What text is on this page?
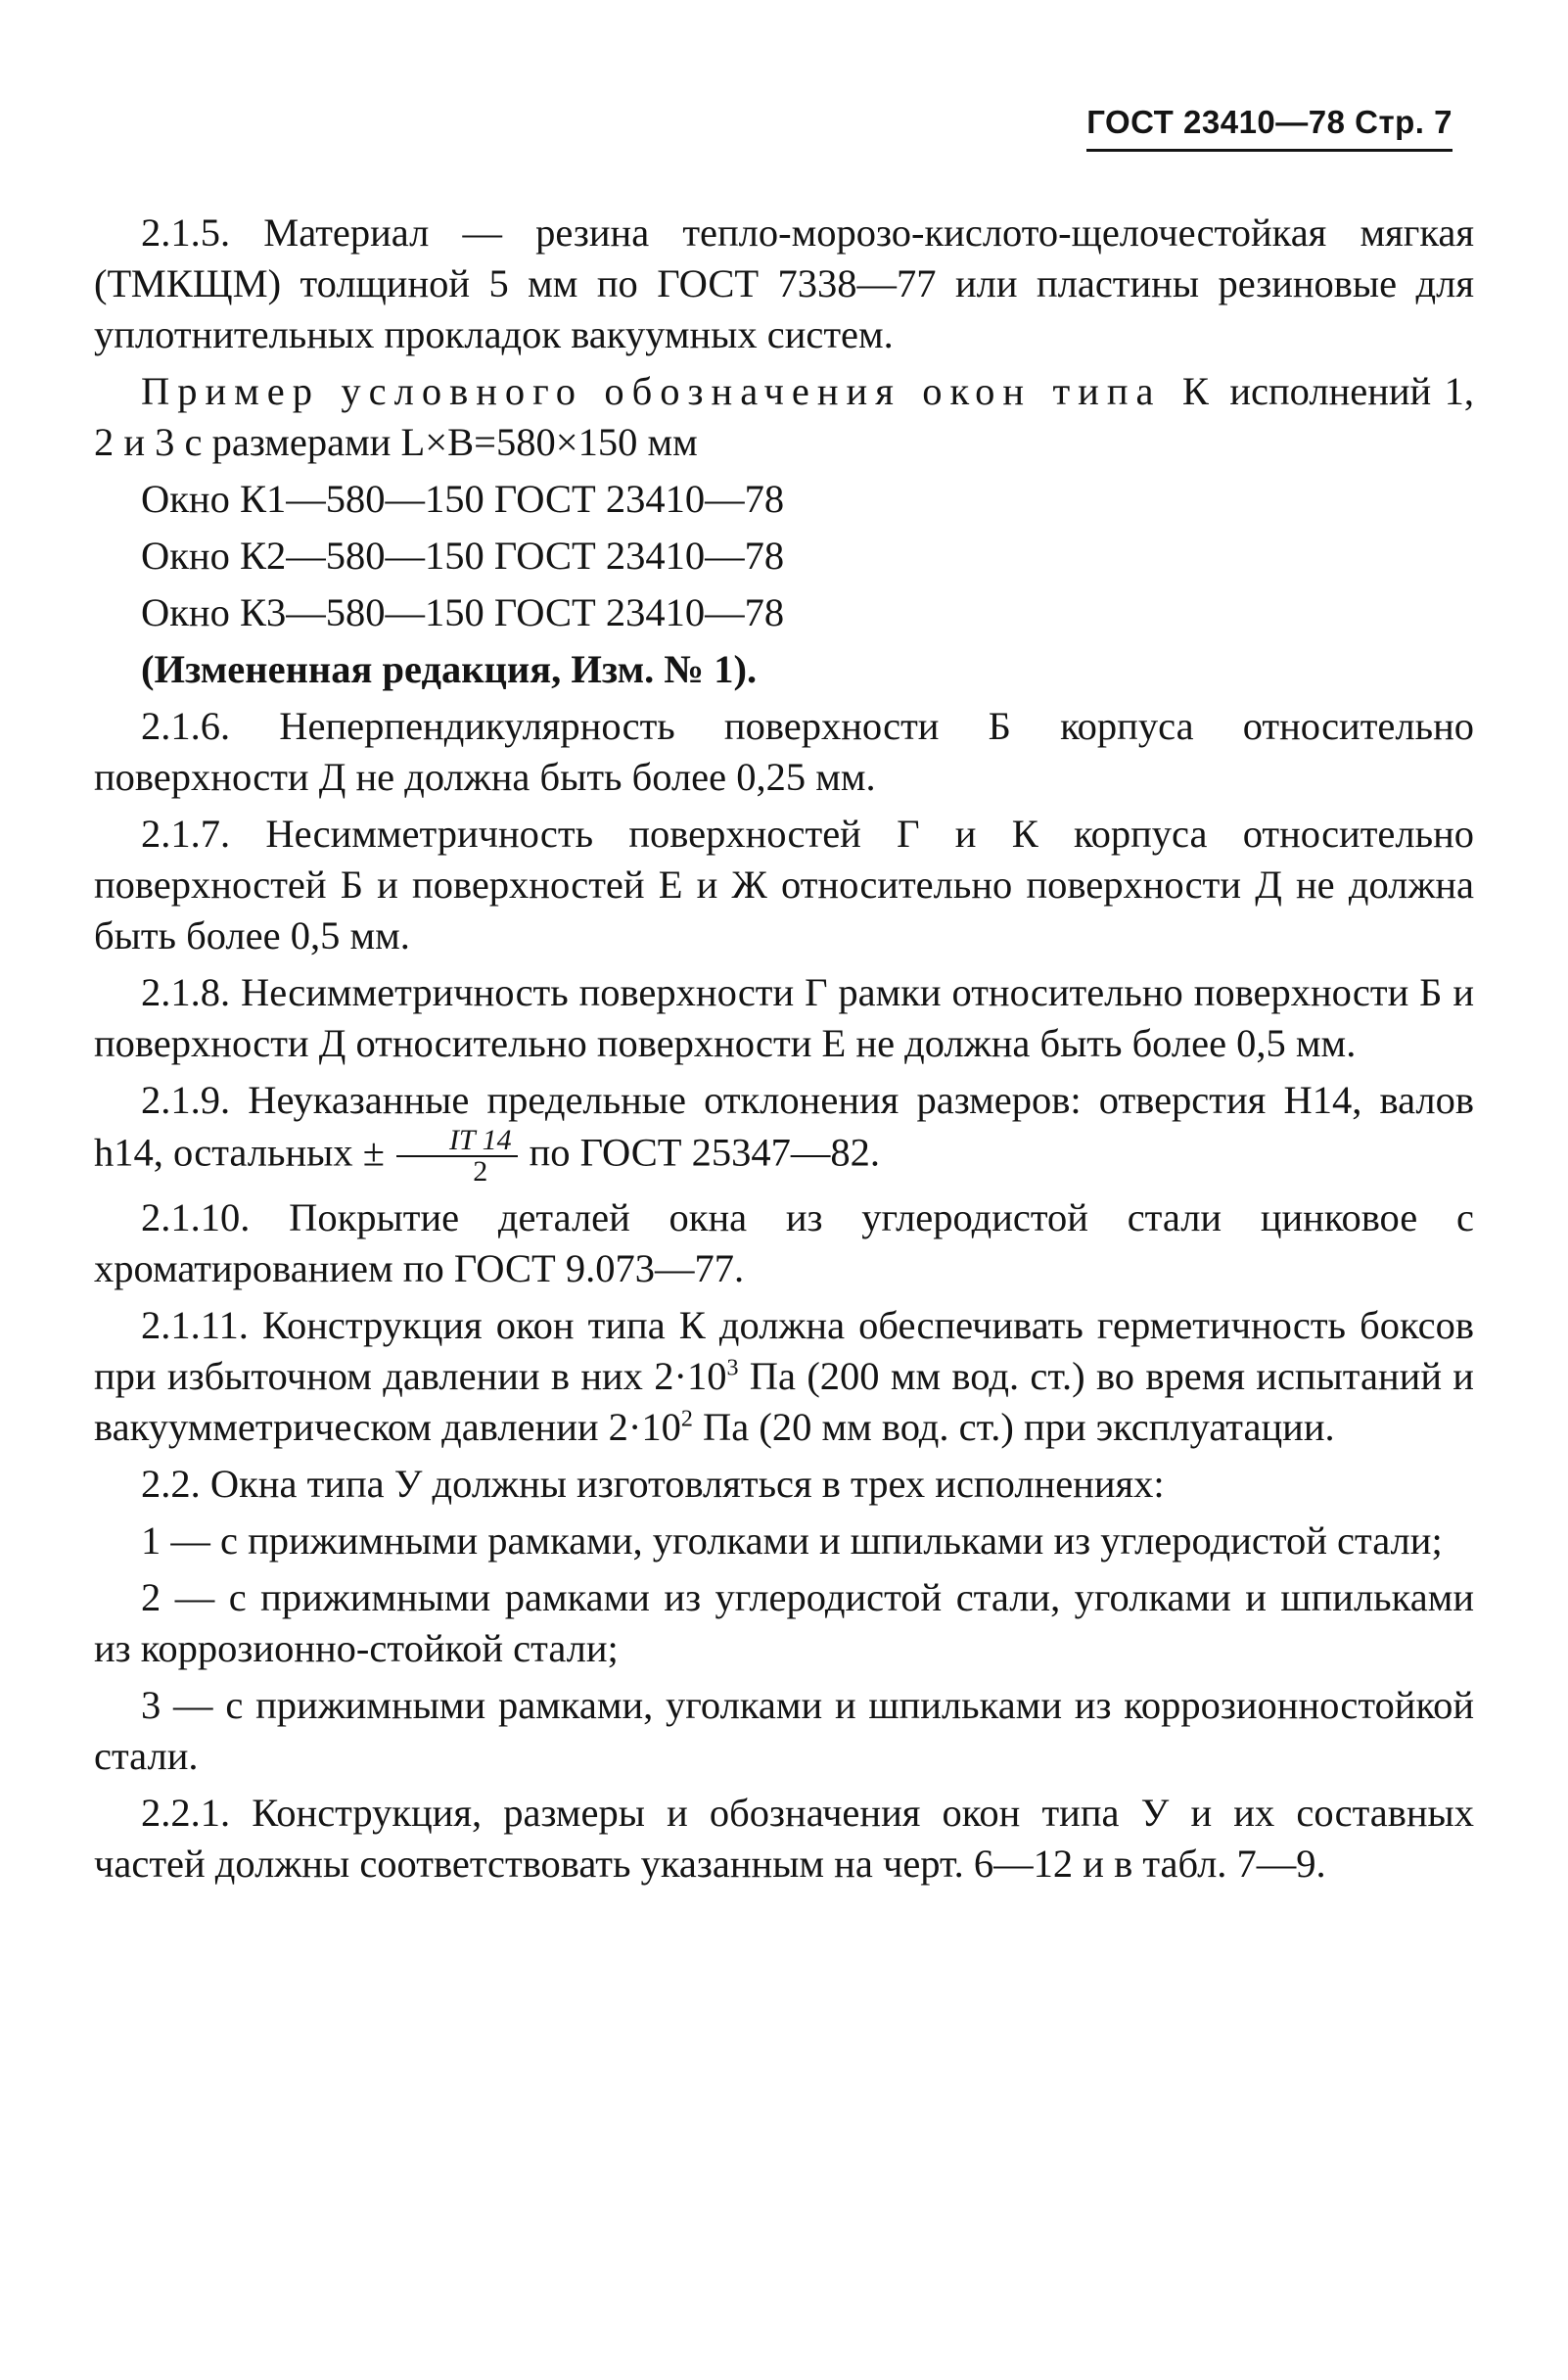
ГОСТ 23410—78 Стр. 7

2.1.5. Материал — резина тепло-морозо-кислото-щелочестойкая мягкая (ТМКЩМ) толщиной 5 мм по ГОСТ 7338—77 или пластины резиновые для уплотнительных прокладок вакуумных систем.

Пример условного обозначения окон типа К исполнений 1, 2 и 3 с размерами L×B=580×150 мм

Окно К1—580—150 ГОСТ 23410—78

Окно К2—580—150 ГОСТ 23410—78

Окно К3—580—150 ГОСТ 23410—78

(Измененная редакция, Изм. № 1).

2.1.6. Неперпендикулярность поверхности Б корпуса относительно поверхности Д не должна быть более 0,25 мм.

2.1.7. Несимметричность поверхностей Г и К корпуса относительно поверхностей Б и поверхностей Е и Ж относительно поверхности Д не должна быть более 0,5 мм.

2.1.8. Несимметричность поверхности Г рамки относительно поверхности Б и поверхности Д относительно поверхности Е не должна быть более 0,5 мм.

2.1.9. Неуказанные предельные отклонения размеров: отверстия Н14, валов h14, остальных ± $\frac{IT 14}{2}$ по ГОСТ 25347—82.

2.1.10. Покрытие деталей окна из углеродистой стали цинковое с хроматированием по ГОСТ 9.073—77.

2.1.11. Конструкция окон типа К должна обеспечивать герметичность боксов при избыточном давлении в них $2\cdot 10^3$ Па (200 мм вод. ст.) во время испытаний и вакуумметрическом давлении $2\cdot 10^2$ Па (20 мм вод. ст.) при эксплуатации.

2.2. Окна типа У должны изготовляться в трех исполнениях:

1 — с прижимными рамками, уголками и шпильками из углеродистой стали;

2 — с прижимными рамками из углеродистой стали, уголками и шпильками из коррозионно-стойкой стали;

3 — с прижимными рамками, уголками и шпильками из коррозионностойкой стали.

2.2.1. Конструкция, размеры и обозначения окон типа У и их составных частей должны соответствовать указанным на черт. 6—12 и в табл. 7—9.
